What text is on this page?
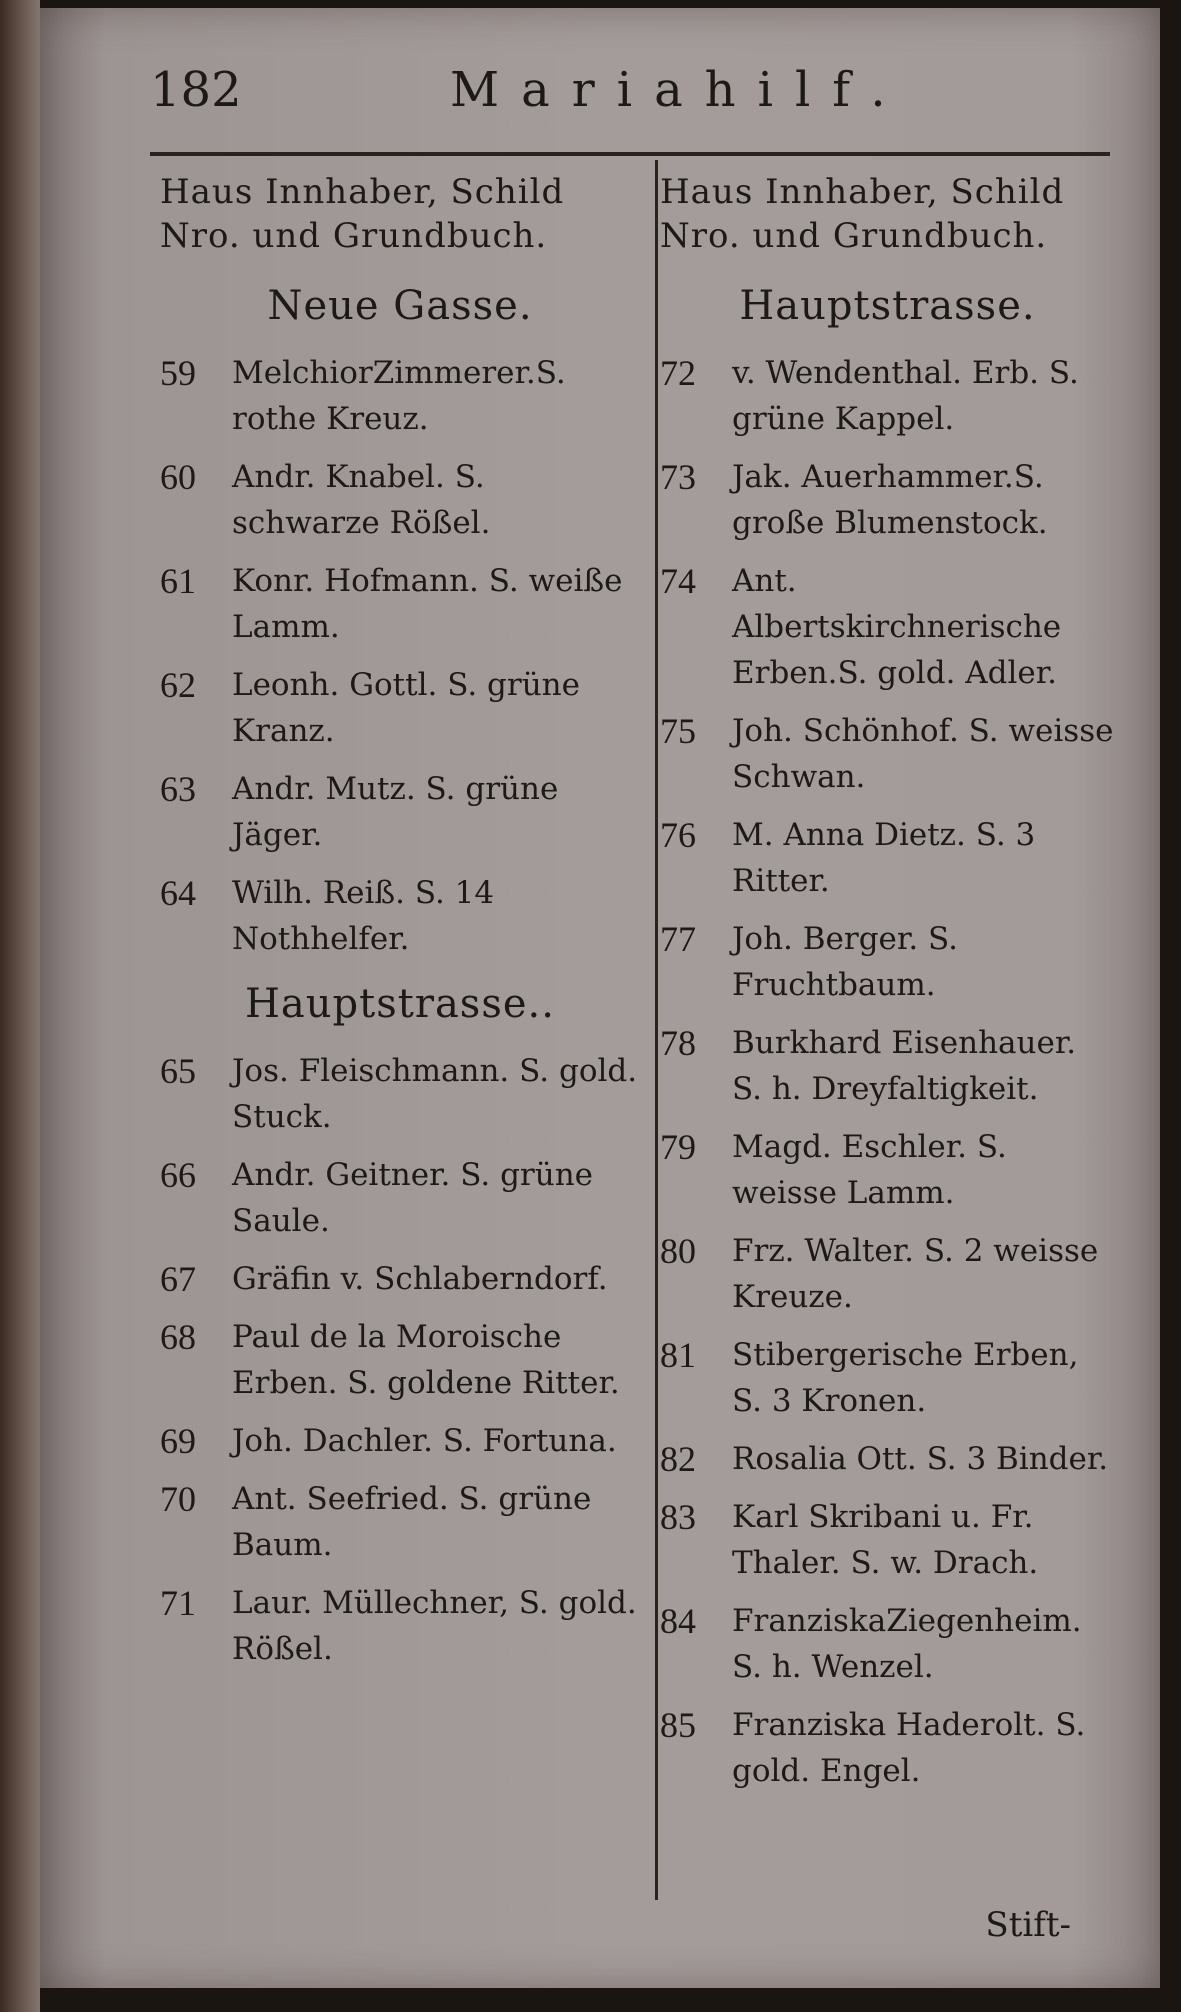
182	Mariahilf.
Haus Innhaber, Schild
Nro. und Grundbuch.
Neue Gasse.
59	MelchiorZimmerer.S. rothe Kreuz.
60	Andr. Knabel. S. schwarze Rößel.
61	Konr. Hofmann. S. weiße Lamm.
62	Leonh. Gottl. S. grüne Kranz.
63	Andr. Mutz. S. grüne Jäger.
64	Wilh. Reiß. S. 14 Nothhelfer.
Hauptstrasse..
65	Jos. Fleischmann. S. gold. Stuck.
66	Andr. Geitner. S. grüne Saule.
67	Gräfin v. Schlaberndorf.
68	Paul de la Moroische Erben. S. goldene Ritter.
69	Joh. Dachler. S. Fortuna.
70	Ant. Seefried. S. grüne Baum.
71	Laur. Müllechner, S. gold. Rößel.
Haus Innhaber, Schild
Nro. und Grundbuch.
Hauptstrasse.
72	v. Wendenthal. Erb. S. grüne Kappel.
73	Jak. Auerhammer.S. große Blumenstock.
74	Ant. Albertskirchnerische Erben.S. gold. Adler.
75	Joh. Schönhof. S. weisse Schwan.
76	M. Anna Dietz. S. 3 Ritter.
77	Joh. Berger. S. Fruchtbaum.
78	Burkhard Eisenhauer. S. h. Dreyfaltigkeit.
79	Magd. Eschler. S. weisse Lamm.
80	Frz. Walter. S. 2 weisse Kreuze.
81	Stibergerische Erben, S. 3 Kronen.
82	Rosalia Ott. S. 3 Binder.
83	Karl Skribani u. Fr. Thaler. S. w. Drach.
84	FranziskaZiegenheim. S. h. Wenzel.
85	Franziska Haderolt. S. gold. Engel.
Stift-
